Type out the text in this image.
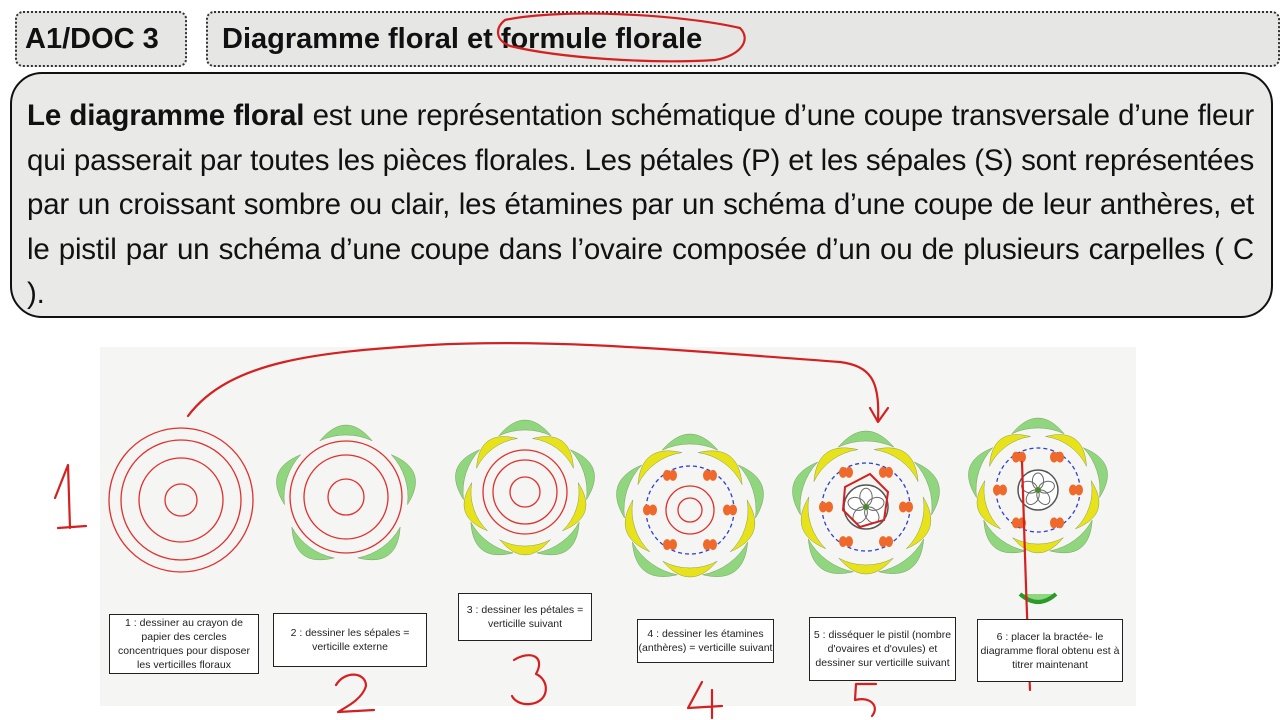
A1/DOC 3 Diagramme floral et formule florale

Le diagramme floral est une représentation schématique d’une coupe transversale d’une fleur qui passerait par toutes les pièces florales. Les pétales (P) et les sépales (S) sont représentées par un croissant sombre ou clair, les étamines par un schéma d’une coupe de leur anthères, et le pistil par un schéma d’une coupe dans l’ovaire composée d’un ou de plusieurs carpelles ( C ).

1 : dessiner au crayon de papier des cercles concentriques pour disposer les verticilles floraux
2 : dessiner les sépales = verticille externe
3 : dessiner les pétales = verticille suivant
4 : dessiner les étamines (anthères) = verticille suivant
5 : disséquer le pistil (nombre d'ovaires et d'ovules) et dessiner sur verticille suivant
6 : placer la bractée- le diagramme floral obtenu est à titrer maintenant
